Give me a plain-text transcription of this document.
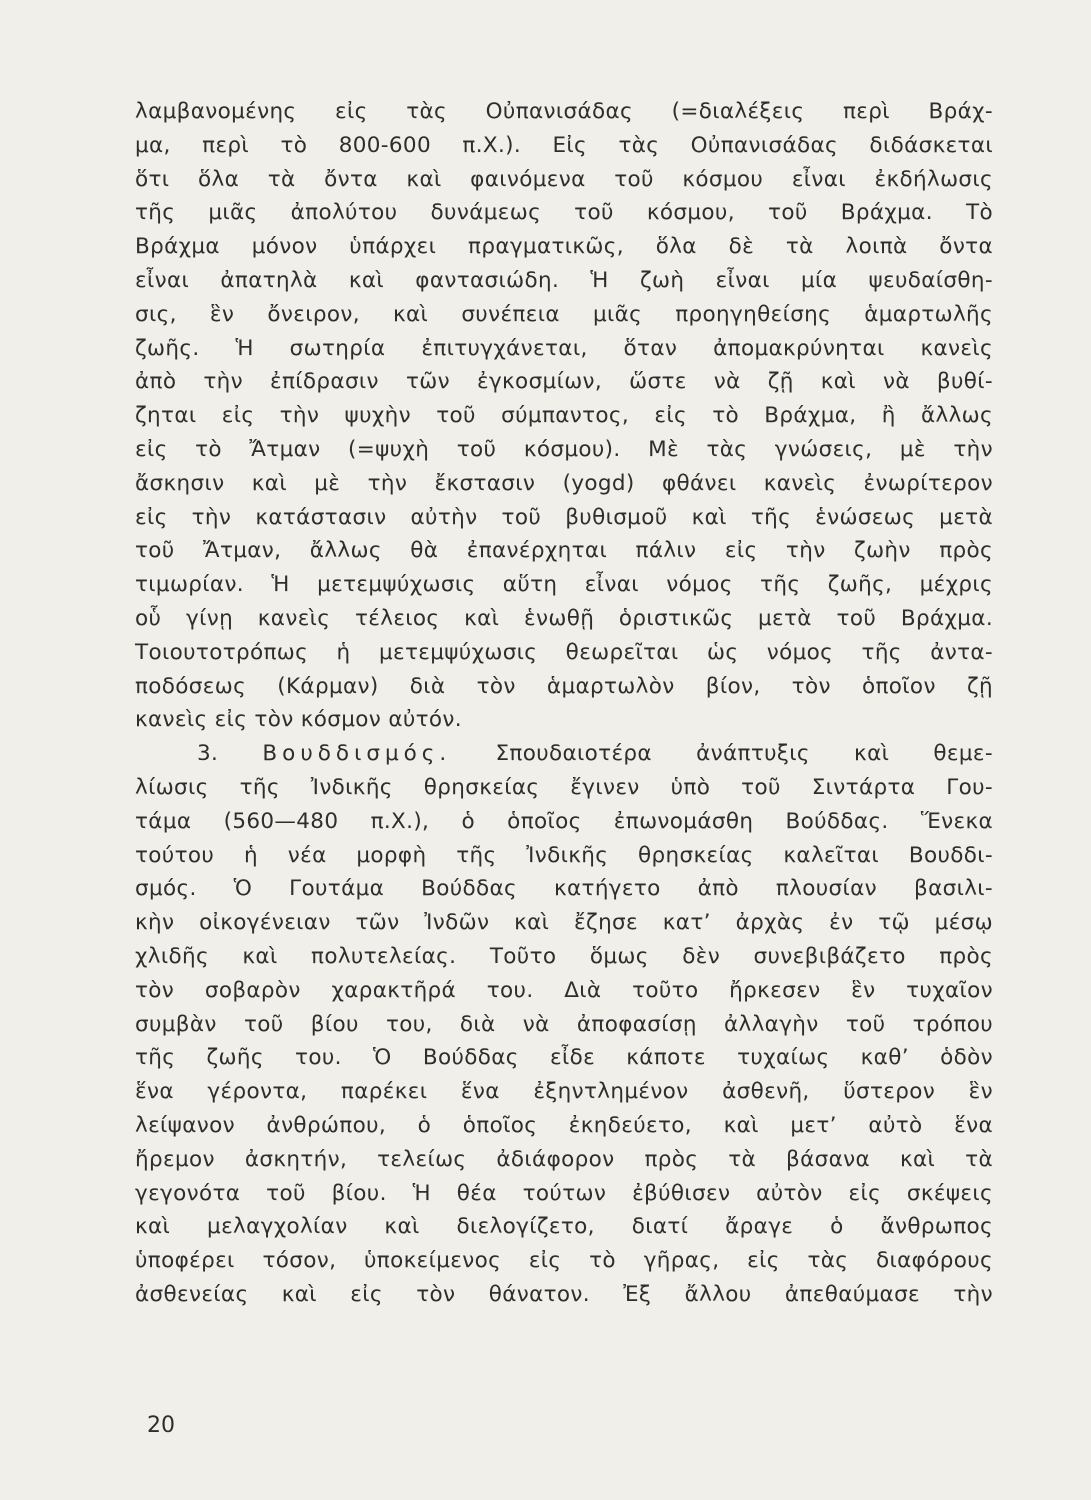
λαμβανομένης εἰς τὰς Οὐπανισάδας (=διαλέξεις περὶ Βράχ-
μα, περὶ τὸ 800-600 π.Χ.). Εἰς τὰς Οὐπανισάδας διδάσκεται
ὅτι ὅλα τὰ ὄντα καὶ φαινόμενα τοῦ κόσμου εἶναι ἐκδήλωσις
τῆς μιᾶς ἀπολύτου δυνάμεως τοῦ κόσμου, τοῦ Βράχμα. Τὸ
Βράχμα μόνον ὑπάρχει πραγματικῶς, ὅλα δὲ τὰ λοιπὰ ὄντα
εἶναι ἀπατηλὰ καὶ φαντασιώδη. Ἡ ζωὴ εἶναι μία ψευδαίσθη-
σις, ἓν ὄνειρον, καὶ συνέπεια μιᾶς προηγηθείσης ἁμαρτωλῆς
ζωῆς. Ἡ σωτηρία ἐπιτυγχάνεται, ὅταν ἀπομακρύνηται κανεὶς
ἀπὸ τὴν ἐπίδρασιν τῶν ἐγκοσμίων, ὥστε νὰ ζῇ καὶ νὰ βυθί-
ζηται εἰς τὴν ψυχὴν τοῦ σύμπαντος, εἰς τὸ Βράχμα, ἢ ἄλλως
εἰς τὸ Ἄτμαν (=ψυχὴ τοῦ κόσμου). Μὲ τὰς γνώσεις, μὲ τὴν
ἄσκησιν καὶ μὲ τὴν ἔκστασιν (yogd) φθάνει κανεὶς ἐνωρίτερον
εἰς τὴν κατάστασιν αὐτὴν τοῦ βυθισμοῦ καὶ τῆς ἑνώσεως μετὰ
τοῦ Ἄτμαν, ἄλλως θὰ ἐπανέρχηται πάλιν εἰς τὴν ζωὴν πρὸς
τιμωρίαν. Ἡ μετεμψύχωσις αὕτη εἶναι νόμος τῆς ζωῆς, μέχρις
οὗ γίνῃ κανεὶς τέλειος καὶ ἑνωθῇ ὁριστικῶς μετὰ τοῦ Βράχμα.
Τοιουτοτρόπως ἡ μετεμψύχωσις θεωρεῖται ὡς νόμος τῆς ἀντα-
ποδόσεως (Κάρμαν) διὰ τὸν ἁμαρτωλὸν βίον, τὸν ὁποῖον ζῇ
κανεὶς εἰς τὸν κόσμον αὐτόν.
3. Βουδδισμός. Σπουδαιοτέρα ἀνάπτυξις καὶ θεμε-
λίωσις τῆς Ἰνδικῆς θρησκείας ἔγινεν ὑπὸ τοῦ Σιντάρτα Γου-
τάμα (560—480 π.Χ.), ὁ ὁποῖος ἐπωνομάσθη Βούδδας. Ἕνεκα
τούτου ἡ νέα μορφὴ τῆς Ἰνδικῆς θρησκείας καλεῖται Βουδδι-
σμός. Ὁ Γουτάμα Βούδδας κατήγετο ἀπὸ πλουσίαν βασιλι-
κὴν οἰκογένειαν τῶν Ἰνδῶν καὶ ἔζησε κατ’ ἀρχὰς ἐν τῷ μέσῳ
χλιδῆς καὶ πολυτελείας. Τοῦτο ὅμως δὲν συνεβιβάζετο πρὸς
τὸν σοβαρὸν χαρακτῆρά του. Διὰ τοῦτο ἤρκεσεν ἓν τυχαῖον
συμβὰν τοῦ βίου του, διὰ νὰ ἀποφασίσῃ ἀλλαγὴν τοῦ τρόπου
τῆς ζωῆς του. Ὁ Βούδδας εἶδε κάποτε τυχαίως καθ’ ὁδὸν
ἕνα γέροντα, παρέκει ἕνα ἐξηντλημένον ἀσθενῆ, ὕστερον ἓν
λείψανον ἀνθρώπου, ὁ ὁποῖος ἐκηδεύετο, καὶ μετ’ αὐτὸ ἕνα
ἤρεμον ἀσκητήν, τελείως ἀδιάφορον πρὸς τὰ βάσανα καὶ τὰ
γεγονότα τοῦ βίου. Ἡ θέα τούτων ἐβύθισεν αὐτὸν εἰς σκέψεις
καὶ μελαγχολίαν καὶ διελογίζετο, διατί ἄραγε ὁ ἄνθρωπος
ὑποφέρει τόσον, ὑποκείμενος εἰς τὸ γῆρας, εἰς τὰς διαφόρους
ἀσθενείας καὶ εἰς τὸν θάνατον. Ἐξ ἄλλου ἀπεθαύμασε τὴν
20
